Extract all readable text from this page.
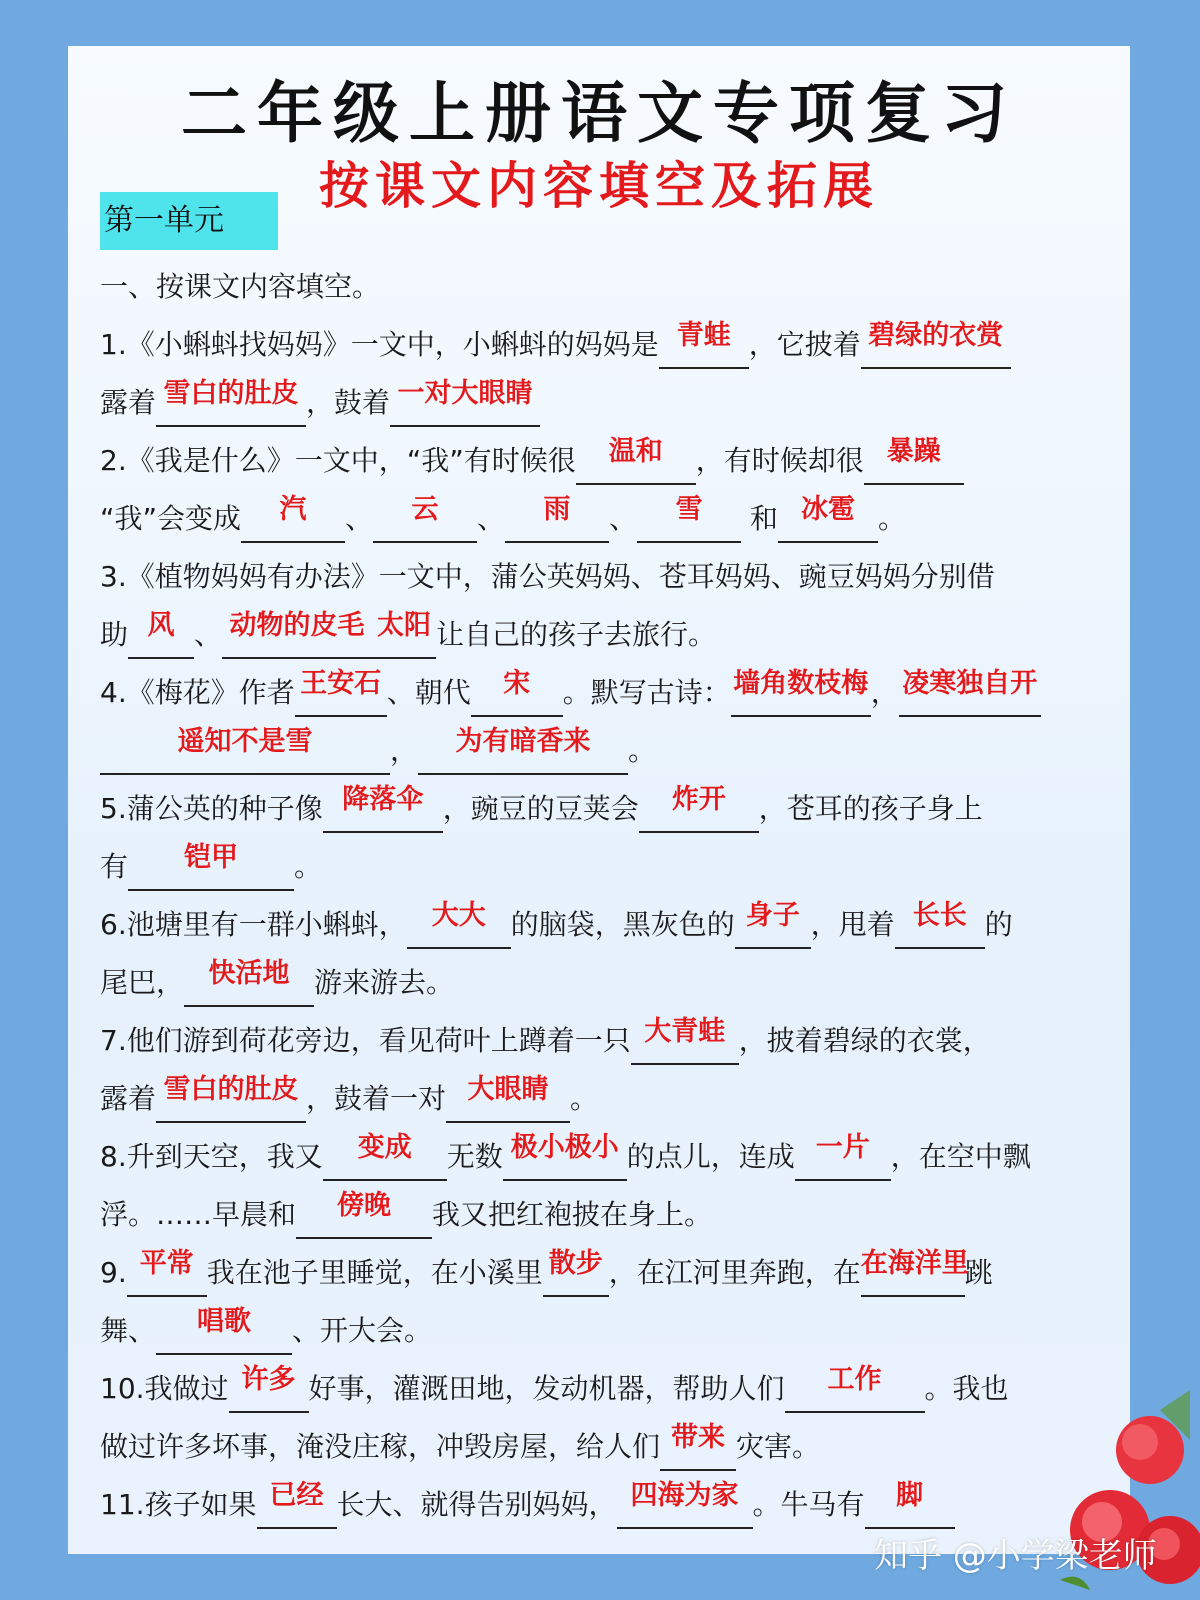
二年级上册语文专项复习
按课文内容填空及拓展
第一单元
一、按课文内容填空。
1.《小蝌蚪找妈妈》一文中，小蝌蚪的妈妈是 青蛙 ，它披着 碧绿的衣赏
露着 雪白的肚皮 ，鼓着 一对大眼睛
2.《我是什么》一文中，“我”有时候很 温和 ，有时候却很 暴躁
“我”会变成 汽 、 云 、 雨 、 雪 和 冰雹 。
3.《植物妈妈有办法》一文中，蒲公英妈妈、苍耳妈妈、豌豆妈妈分别借
助 风 、 动物的皮毛 太阳 让自己的孩子去旅行。
4.《梅花》作者 王安石 、朝代 宋 。默写古诗：墙角数枝梅， 凌寒独自开
遥知不是雪	， 为有暗香来 。
5.蒲公英的种子像 降落伞 ，豌豆的豆荚会 炸开 ，苍耳的孩子身上
有 铠甲 。
6.池塘里有一群小蝌蚪， 大大 的脑袋，黑灰色的 身子 ，甩着 长长 的
尾巴， 快活地 游来游去。
7.他们游到荷花旁边，看见荷叶上蹲着一只 大青蛙 ，披着碧绿的衣裳，
露着 雪白的肚皮 ，鼓着一对 大眼睛 。
8.升到天空，我又 变成 无数 极小极小 的点儿，连成 一片 ，在空中飘
浮。……早晨和 傍晚 我又把红袍披在身上。
9. 平常 我在池子里睡觉，在小溪里 散步 ，在江河里奔跑，在在海洋里跳
舞、 唱歌 、开大会。
10.我做过 许多 好事，灌溉田地，发动机器，帮助人们 工作 。我也
做过许多坏事，淹没庄稼，冲毁房屋，给人们 带来 灾害。
11.孩子如果 已经 长大、就得告别妈妈， 四海为家 。牛马有 脚
知乎 @小学梁老师
